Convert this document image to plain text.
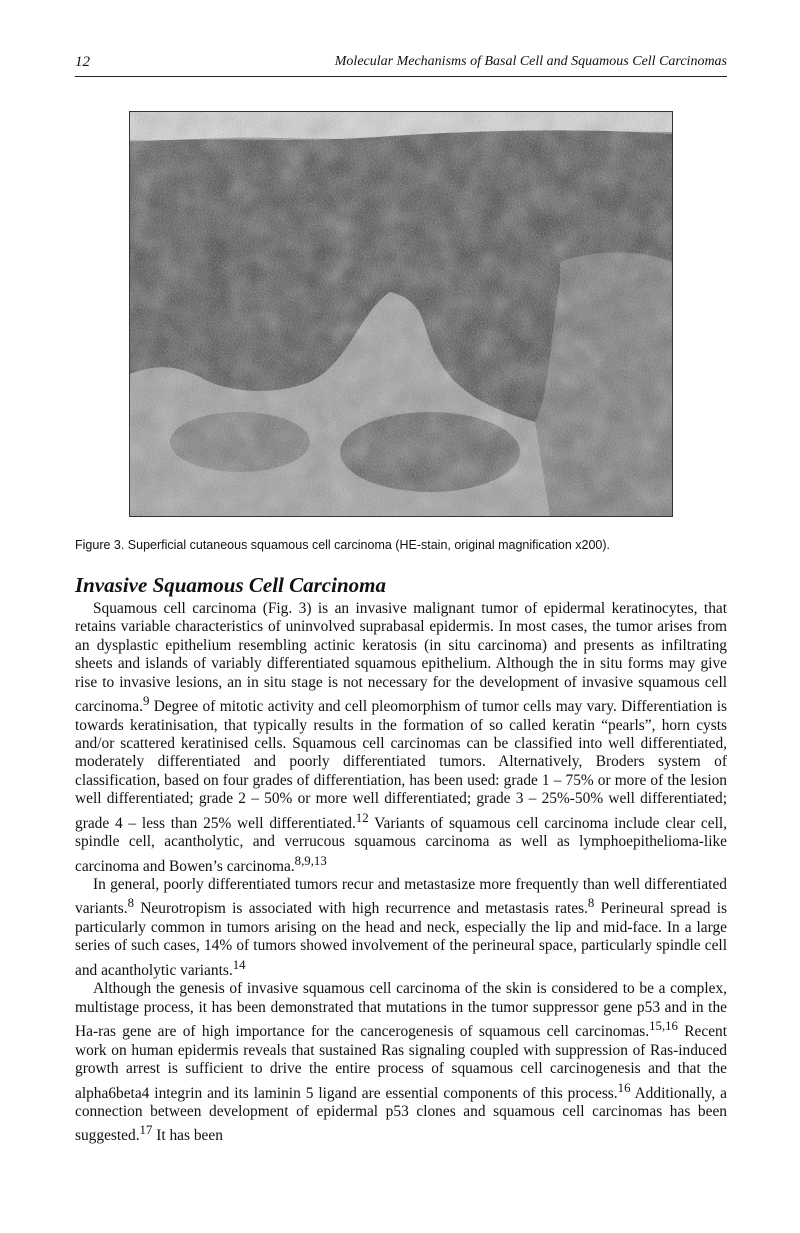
12	Molecular Mechanisms of Basal Cell and Squamous Cell Carcinomas
Figure 3. Superficial cutaneous squamous cell carcinoma (HE-stain, original magnification x200).
Invasive Squamous Cell Carcinoma

Squamous cell carcinoma (Fig. 3) is an invasive malignant tumor of epidermal keratinocytes, that retains variable characteristics of uninvolved suprabasal epidermis. In most cases, the tumor arises from an dysplastic epithelium resembling actinic keratosis (in situ carcinoma) and presents as infiltrating sheets and islands of variably differentiated squamous epithelium. Although the in situ forms may give rise to invasive lesions, an in situ stage is not necessary for the development of invasive squamous cell carcinoma.$^9$ Degree of mitotic activity and cell pleomorphism of tumor cells may vary. Differentiation is towards keratinisation, that typically results in the formation of so called keratin “pearls”, horn cysts and/or scattered keratinised cells. Squamous cell carcinomas can be classified into well differentiated, moderately differentiated and poorly differentiated tumors. Alternatively, Broders system of classification, based on four grades of differentiation, has been used: grade 1 – 75% or more of the lesion well differentiated; grade 2 – 50% or more well differentiated; grade 3 – 25%-50% well differentiated; grade 4 – less than 25% well differentiated.$^{12}$ Variants of squamous cell carcinoma include clear cell, spindle cell, acantholytic, and verrucous squamous carcinoma as well as lymphoepithelioma-like carcinoma and Bowen’s carcinoma.$^{8,9,13}$

In general, poorly differentiated tumors recur and metastasize more frequently than well differentiated variants.$^8$ Neurotropism is associated with high recurrence and metastasis rates.$^8$ Perineural spread is particularly common in tumors arising on the head and neck, especially the lip and mid-face. In a large series of such cases, 14% of tumors showed involvement of the perineural space, particularly spindle cell and acantholytic variants.$^{14}$

Although the genesis of invasive squamous cell carcinoma of the skin is considered to be a complex, multistage process, it has been demonstrated that mutations in the tumor suppressor gene p53 and in the Ha-ras gene are of high importance for the cancerogenesis of squamous cell carcinomas.$^{15,16}$ Recent work on human epidermis reveals that sustained Ras signaling coupled with suppression of Ras-induced growth arrest is sufficient to drive the entire process of squamous cell carcinogenesis and that the alpha6beta4 integrin and its laminin 5 ligand are essential components of this process.$^{16}$ Additionally, a connection between development of epidermal p53 clones and squamous cell carcinomas has been suggested.$^{17}$ It has been
